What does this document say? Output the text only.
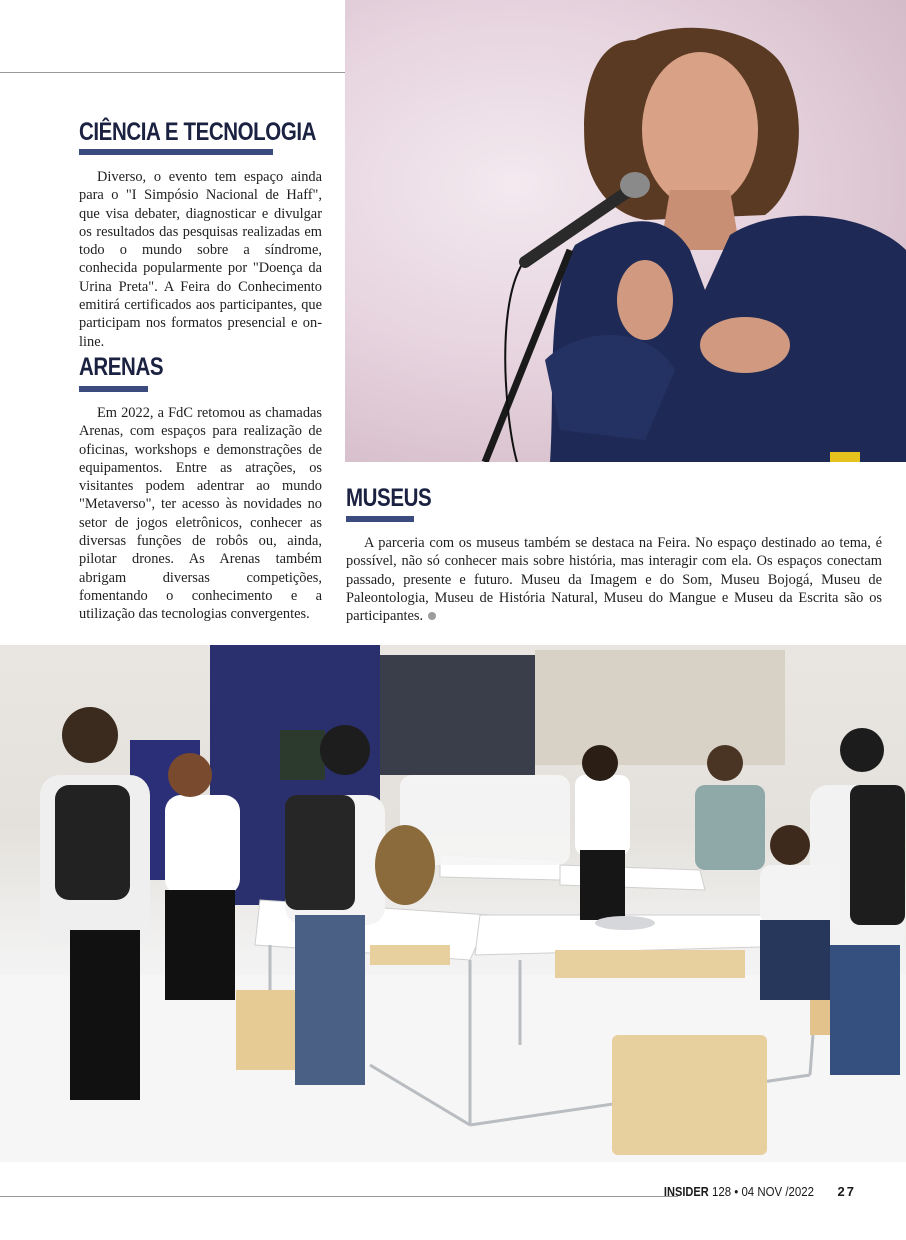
CIÊNCIA E TECNOLOGIA

Diverso, o evento tem espaço ainda para o "I Simpósio Nacional de Haff", que visa debater, diagnosticar e divulgar os resultados das pesquisas realizadas em todo o mundo sobre a síndrome, conhecida popularmente por "Doença da Urina Preta". A Feira do Conhecimento emitirá certificados aos participantes, que participam nos formatos presencial e on-line.

ARENAS

Em 2022, a FdC retomou as chamadas Arenas, com espaços para realização de oficinas, workshops e demonstrações de equipamentos. Entre as atrações, os visitantes podem adentrar ao mundo "Metaverso", ter acesso às novidades no setor de jogos eletrônicos, conhecer as diversas funções de robôs ou, ainda, pilotar drones. As Arenas também abrigam diversas competições, fomentando o conhecimento e a utilização das tecnologias convergentes.

MUSEUS

A parceria com os museus também se destaca na Feira. No espaço destinado ao tema, é possível, não só conhecer mais sobre história, mas interagir com ela. Os espaços conectam passado, presente e futuro. Museu da Imagem e do Som, Museu Bojogá, Museu de Paleontologia, Museu de História Natural, Museu do Mangue e Museu da Escrita são os participantes.

INSIDER 128 • 04 NOV /2022	27
